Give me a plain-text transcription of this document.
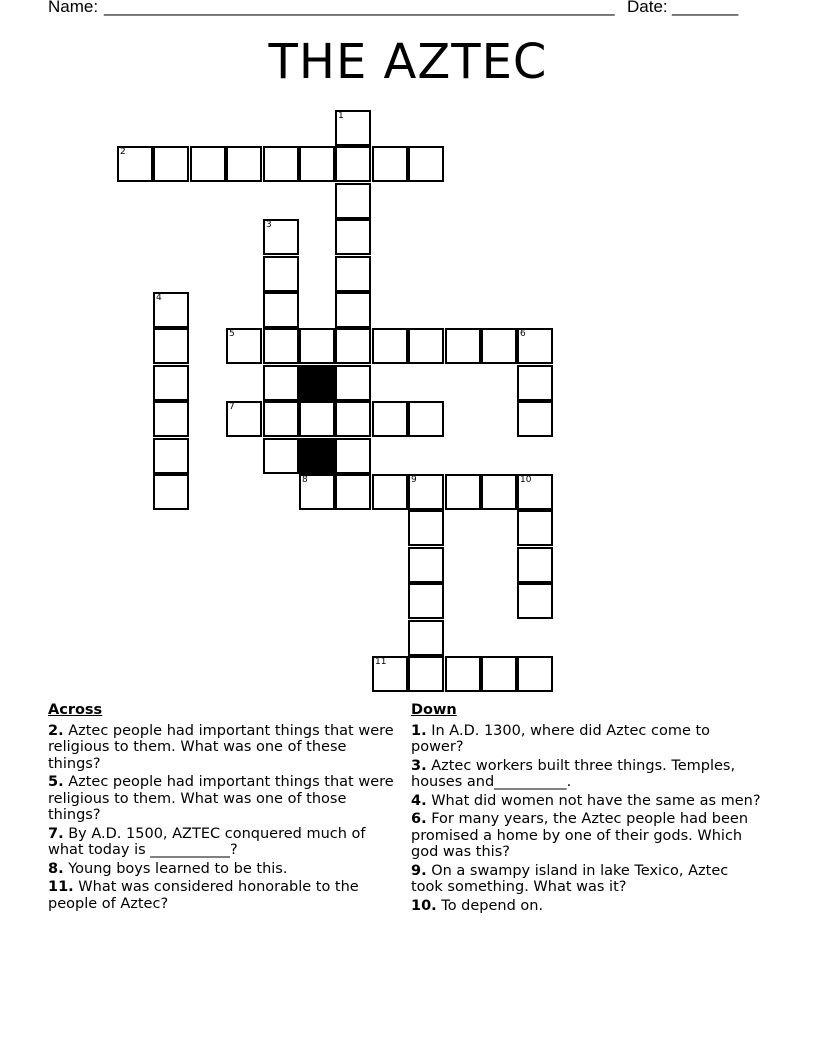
Name: ______________________________________________________ Date: _______
THE AZTEC
1
2
3
4
5	6
7
8	9	10
11
Across
2. Aztec people had important things that were religious to them. What was one of these things?
5. Aztec people had important things that were religious to them. What was one of those things?
7. By A.D. 1500, AZTEC conquered much of what today is ___________?
8. Young boys learned to be this.
11. What was considered honorable to the people of Aztec?
Down
1. In A.D. 1300, where did Aztec come to power?
3. Aztec workers built three things. Temples, houses and__________.
4. What did women not have the same as men?
6. For many years, the Aztec people had been promised a home by one of their gods. Which god was this?
9. On a swampy island in lake Texico, Aztec took something. What was it?
10. To depend on.
